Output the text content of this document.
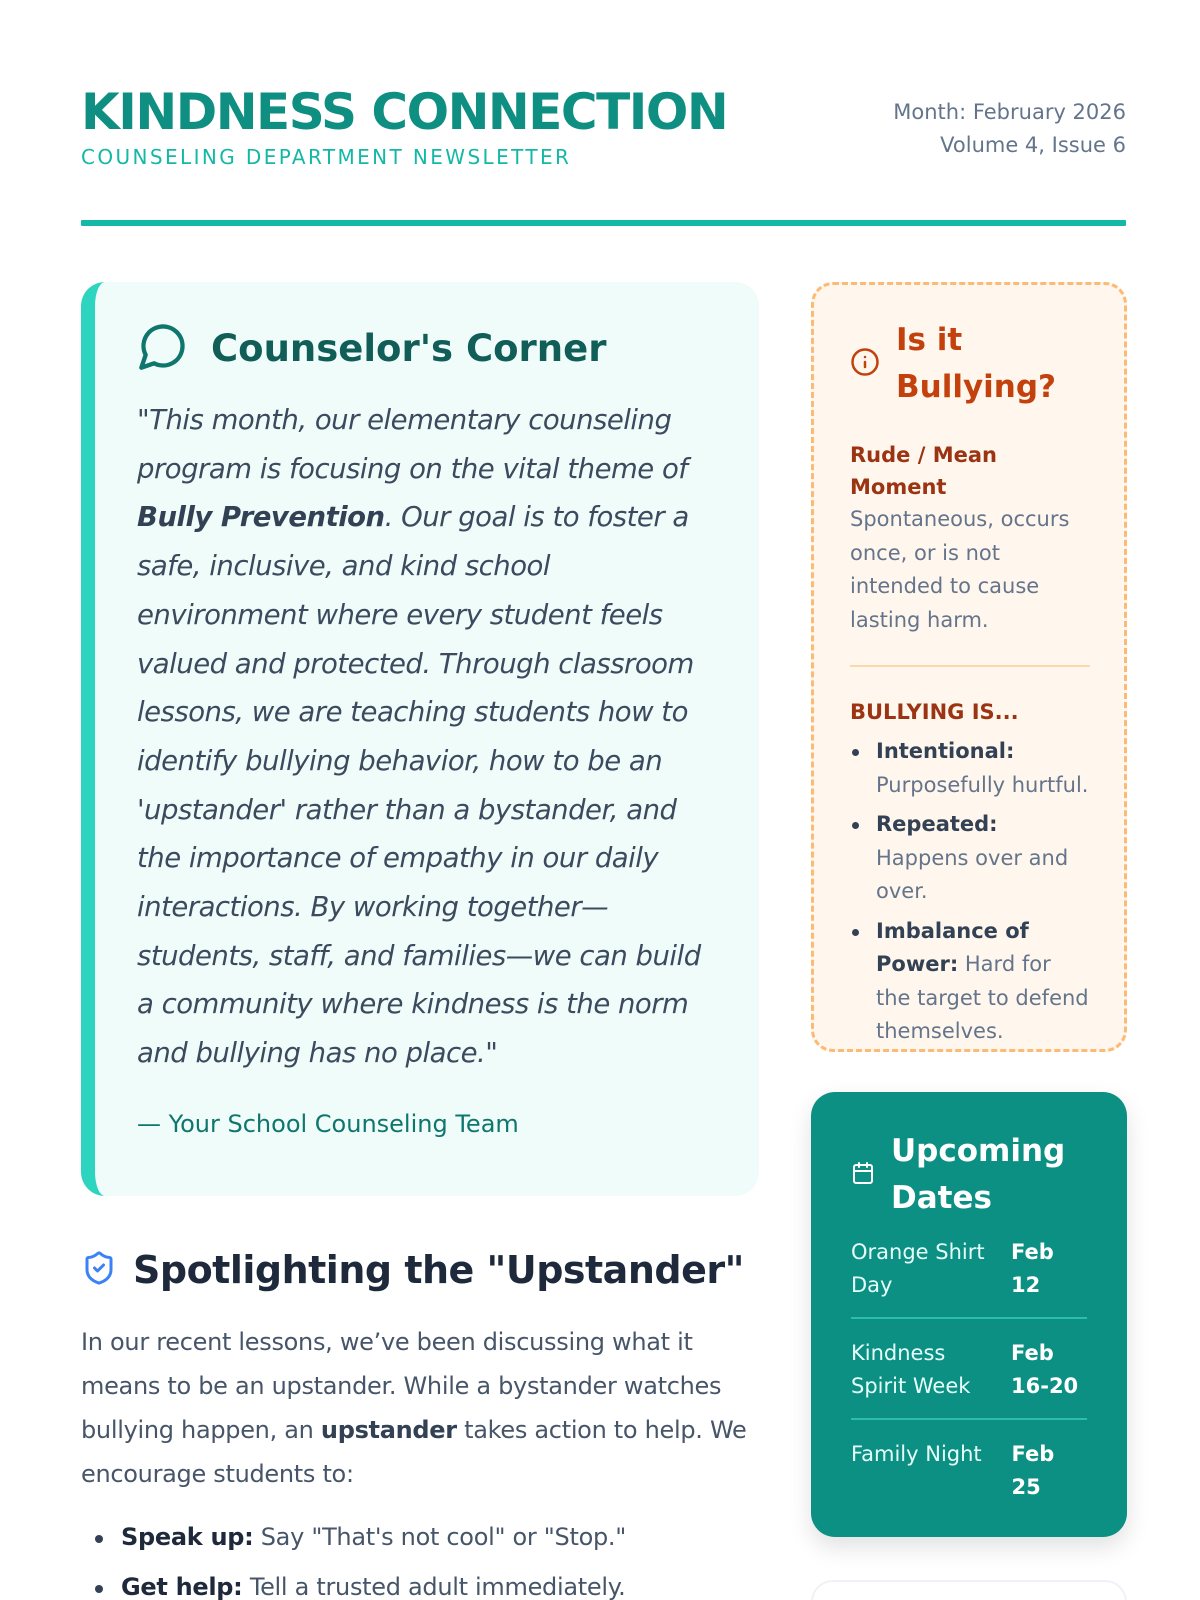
KINDNESS CONNECTION
COUNSELING DEPARTMENT NEWSLETTER
Month: February 2026
Volume 4, Issue 6
Counselor's Corner

"This month, our elementary counseling program is focusing on the vital theme of Bully Prevention. Our goal is to foster a safe, inclusive, and kind school environment where every student feels valued and protected. Through classroom lessons, we are teaching students how to identify bullying behavior, how to be an 'upstander' rather than a bystander, and the importance of empathy in our daily interactions. By working together—students, staff, and families—we can build a community where kindness is the norm and bullying has no place."

— Your School Counseling Team
Spotlighting the "Upstander"

In our recent lessons, we’ve been discussing what it means to be an upstander. While a bystander watches bullying happen, an upstander takes action to help. We encourage students to:

Speak up: Say "That's not cool" or "Stop."
Get help: Tell a trusted adult immediately.
Is it Bullying?
Rude / Mean Moment
Spontaneous, occurs once, or is not intended to cause lasting harm.
BULLYING IS...
Intentional: Purposefully hurtful.
Repeated: Happens over and over.
Imbalance of Power: Hard for the target to defend themselves.
Upcoming Dates
Orange Shirt Day
Feb 12
Kindness Spirit Week
Feb 16-20
Family Night	Feb 25
